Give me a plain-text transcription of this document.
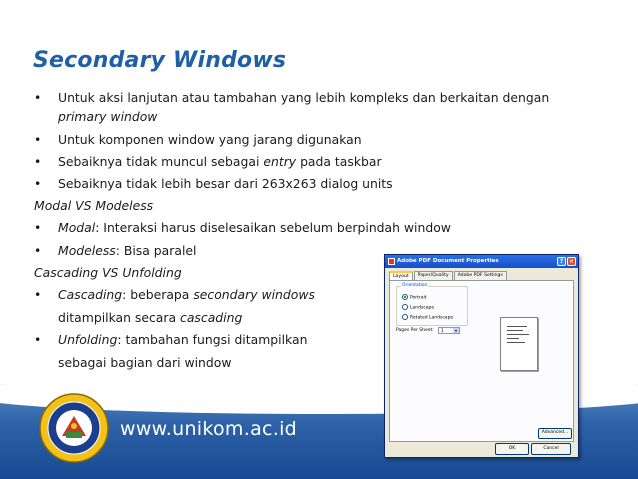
Secondary Windows
• Untuk aksi lanjutan atau tambahan yang lebih kompleks dan berkaitan dengan
primary window
• Untuk komponen window yang jarang digunakan
• Sebaiknya tidak muncul sebagai entry pada taskbar
• Sebaiknya tidak lebih besar dari 263x263 dialog units
Modal VS Modeless
• Modal: Interaksi harus diselesaikan sebelum berpindah window
• Modeless: Bisa paralel
Cascading VS Unfolding
• Cascading: beberapa secondary windows
ditampilkan secara cascading
• Unfolding: tambahan fungsi ditampilkan
sebagai bagian dari window
www.unikom.ac.id
Adobe PDF Document Properties	? ✕
Layout	Paper/Quality	Adobe PDF Settings
Orientation
Portrait
Landscape
Rotated Landscape
Pages Per Sheet:	1	▾
Advanced...
OK	Cancel
